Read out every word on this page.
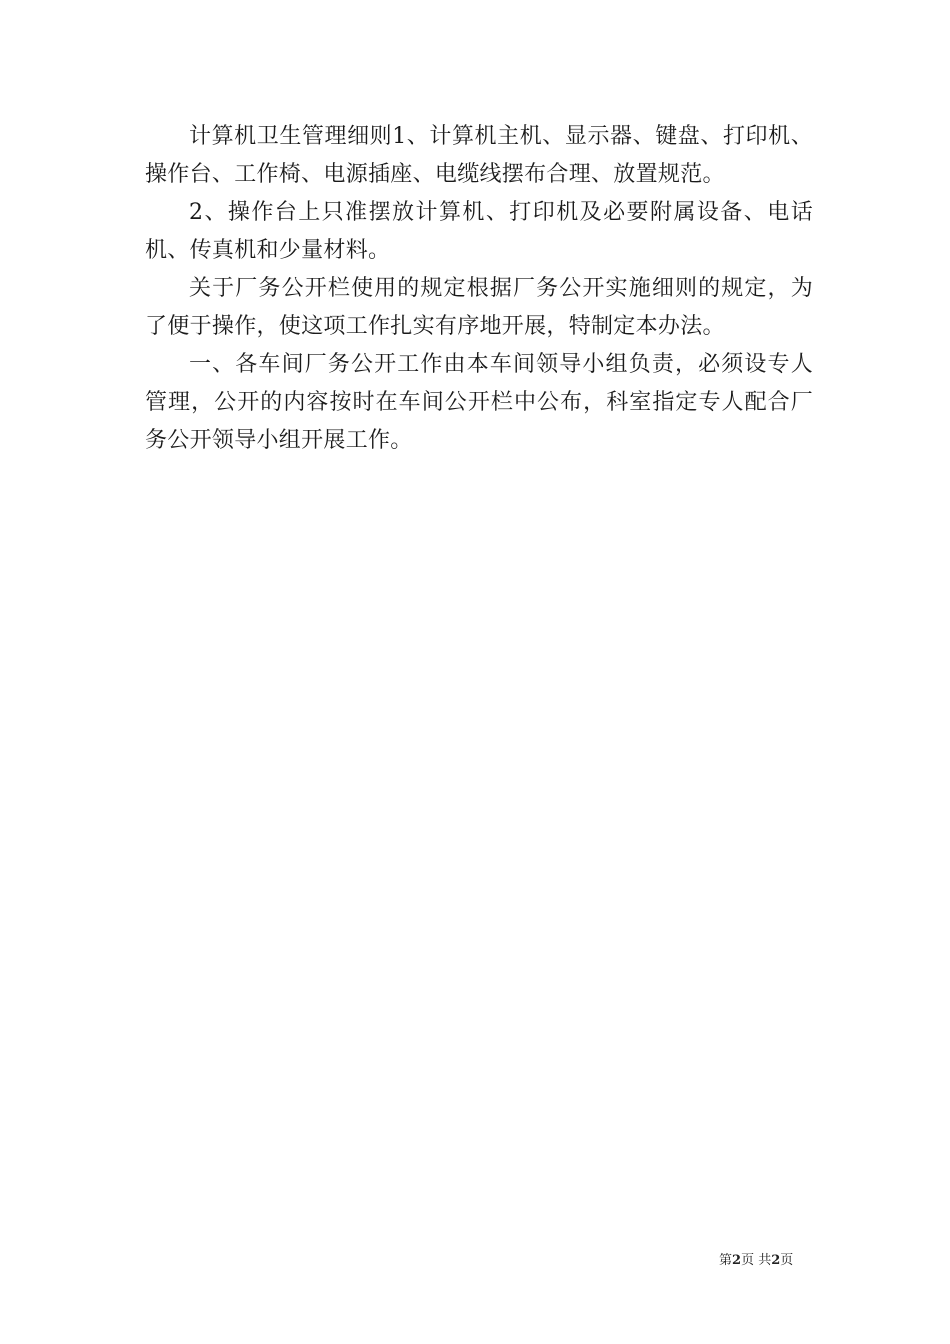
计算机卫生管理细则1、计算机主机、显示器、键盘、打印机、操作台、工作椅、电源插座、电缆线摆布合理、放置规范。

2、操作台上只准摆放计算机、打印机及必要附属设备、电话机、传真机和少量材料。

关于厂务公开栏使用的规定根据厂务公开实施细则的规定，为了便于操作，使这项工作扎实有序地开展，特制定本办法。

一、各车间厂务公开工作由本车间领导小组负责，必须设专人管理，公开的内容按时在车间公开栏中公布，科室指定专人配合厂务公开领导小组开展工作。

第2页 共2页
